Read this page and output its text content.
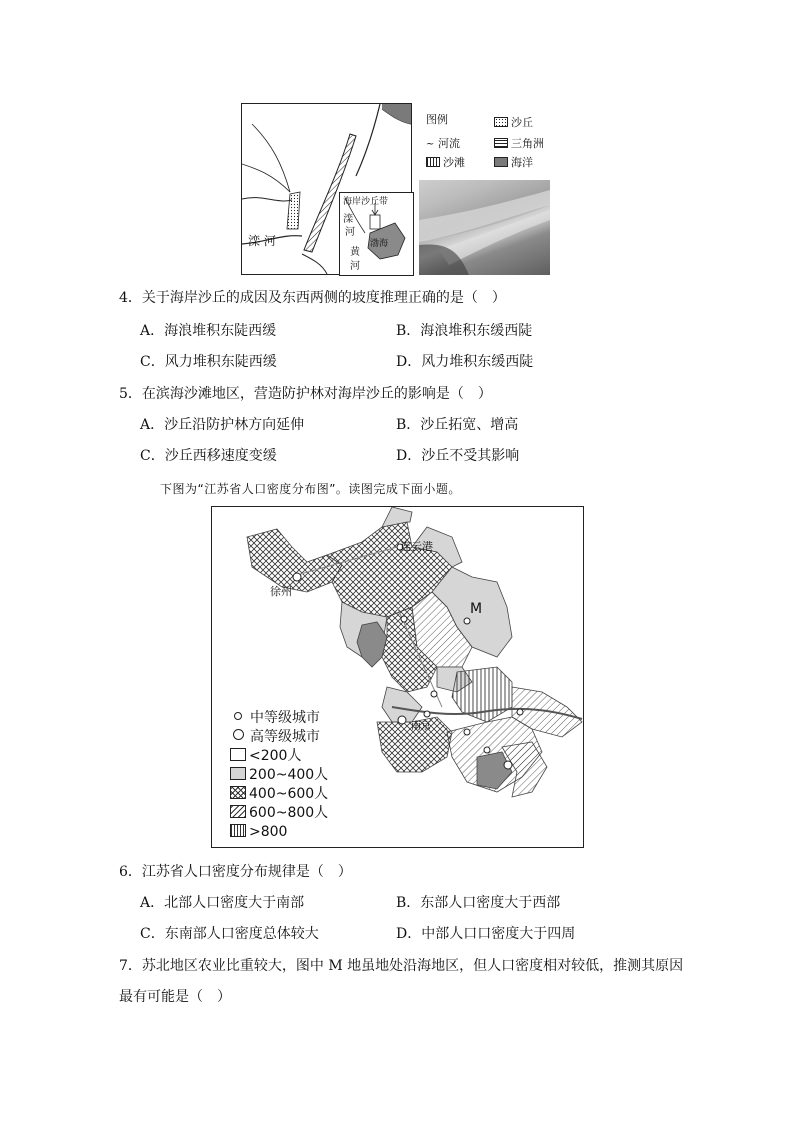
滦 河
海岸沙丘带
滦
河
渤海
黄
河
图例
~ 河流
沙滩
沙丘
三角洲
海洋
4．关于海岸沙丘的成因及东西两侧的坡度推理正确的是（　）
A．海浪堆积东陡西缓	B．海浪堆积东缓西陡
C．风力堆积东陡西缓	D．风力堆积东缓西陡
5．在滨海沙滩地区，营造防护林对海岸沙丘的影响是（　）
A．沙丘沿防护林方向延伸	B．沙丘拓宽、增高
C．沙丘西移速度变缓	D．沙丘不受其影响
下图为“江苏省人口密度分布图”。读图完成下面小题。
徐州
连云港
南京
M
中等级城市
高等级城市
<200人
200~400人
400~600人
600~800人
>800
6．江苏省人口密度分布规律是（　）
A．北部人口密度大于南部	B．东部人口密度大于西部
C．东南部人口密度总体较大	D．中部人口口密度大于四周
7．苏北地区农业比重较大，图中 M 地虽地处沿海地区，但人口密度相对较低，推测其原因
最有可能是（　）
